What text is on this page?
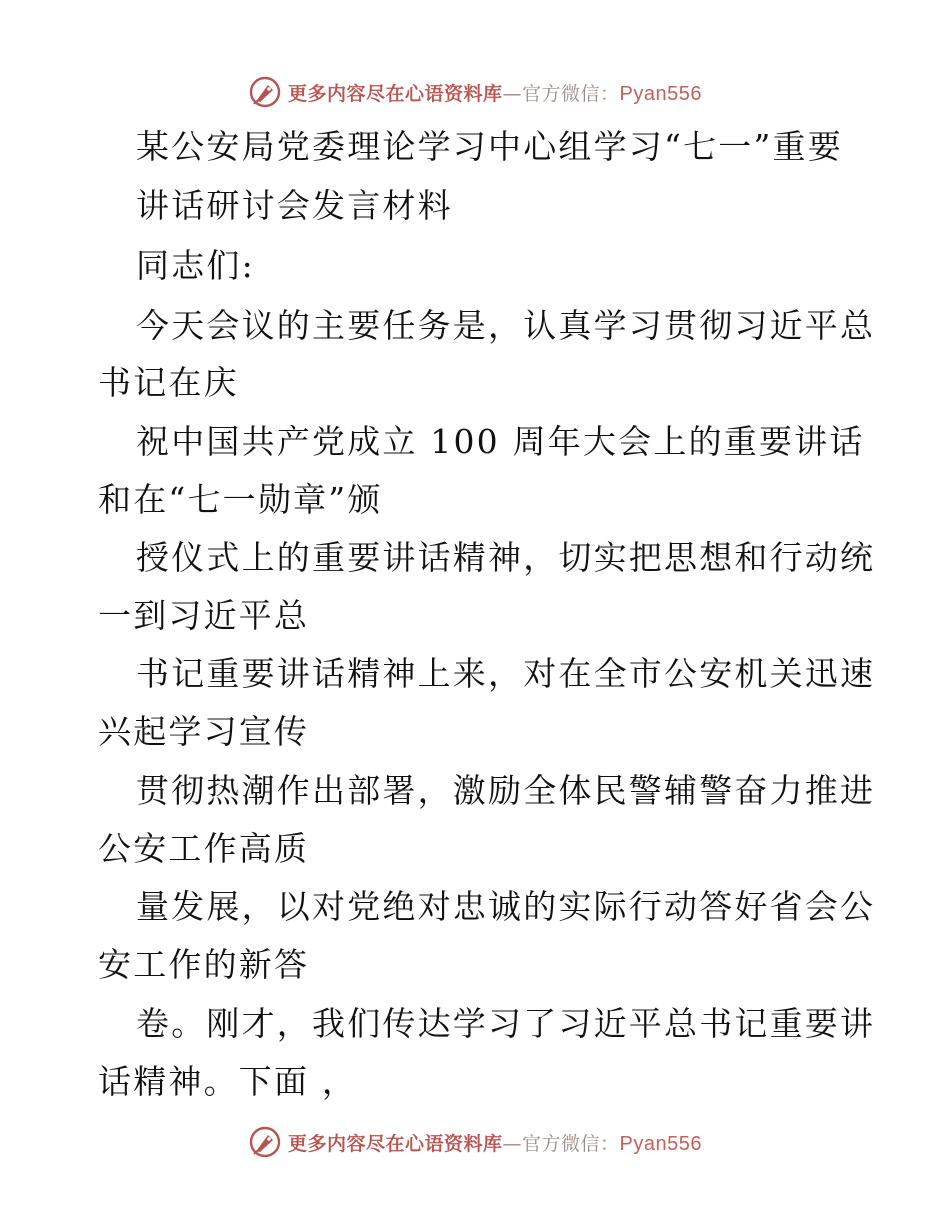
更多内容尽在心语资料库—官方微信：Pyan556
某公安局党委理论学习中心组学习“七一”重要
讲话研讨会发言材料
同志们:
今天会议的主要任务是，认真学习贯彻习近平总
书记在庆
祝中国共产党成立 100 周年大会上的重要讲话
和在“七一勋章”颁
授仪式上的重要讲话精神，切实把思想和行动统
一到习近平总
书记重要讲话精神上来，对在全市公安机关迅速
兴起学习宣传
贯彻热潮作出部署，激励全体民警辅警奋力推进
公安工作高质
量发展，以对党绝对忠诚的实际行动答好省会公
安工作的新答
卷。刚才，我们传达学习了习近平总书记重要讲
话精神。下面 ，
更多内容尽在心语资料库—官方微信：Pyan556
